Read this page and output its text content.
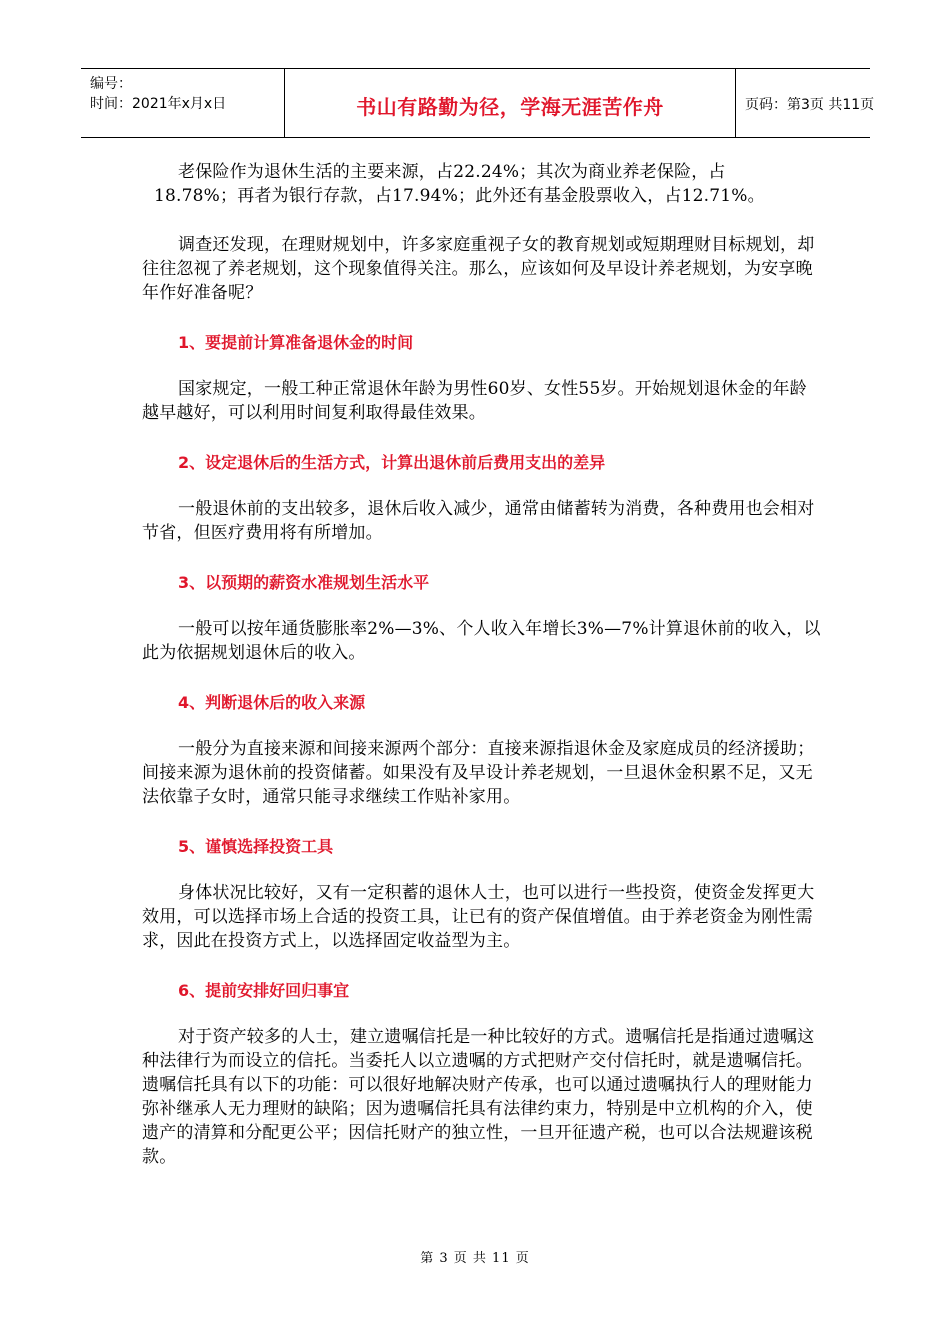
编号：
时间：2021年x月x日	书山有路勤为径，学海无涯苦作舟	页码：第3页 共11页
老保险作为退休生活的主要来源，占22.24%；其次为商业养老保险，占
18.78%；再者为银行存款，占17.94%；此外还有基金股票收入，占12.71%。
调查还发现，在理财规划中，许多家庭重视子女的教育规划或短期理财目标规划，却往往忽视了养老规划，这个现象值得关注。那么，应该如何及早设计养老规划，为安享晚年作好准备呢？
1、要提前计算准备退休金的时间
国家规定，一般工种正常退休年龄为男性60岁、女性55岁。开始规划退休金的年龄越早越好，可以利用时间复利取得最佳效果。
2、设定退休后的生活方式，计算出退休前后费用支出的差异
一般退休前的支出较多，退休后收入减少，通常由储蓄转为消费，各种费用也会相对节省，但医疗费用将有所增加。
3、以预期的薪资水准规划生活水平
一般可以按年通货膨胀率2%—3%、个人收入年增长3%—7%计算退休前的收入，以此为依据规划退休后的收入。
4、判断退休后的收入来源
一般分为直接来源和间接来源两个部分：直接来源指退休金及家庭成员的经济援助；间接来源为退休前的投资储蓄。如果没有及早设计养老规划，一旦退休金积累不足，又无法依靠子女时，通常只能寻求继续工作贴补家用。
5、谨慎选择投资工具
身体状况比较好，又有一定积蓄的退休人士，也可以进行一些投资，使资金发挥更大效用，可以选择市场上合适的投资工具，让已有的资产保值增值。由于养老资金为刚性需求，因此在投资方式上，以选择固定收益型为主。
6、提前安排好回归事宜
对于资产较多的人士，建立遗嘱信托是一种比较好的方式。遗嘱信托是指通过遗嘱这种法律行为而设立的信托。当委托人以立遗嘱的方式把财产交付信托时，就是遗嘱信托。遗嘱信托具有以下的功能：可以很好地解决财产传承，也可以通过遗嘱执行人的理财能力弥补继承人无力理财的缺陷；因为遗嘱信托具有法律约束力，特别是中立机构的介入，使遗产的清算和分配更公平；因信托财产的独立性，一旦开征遗产税，也可以合法规避该税款。
第 3 页 共 11 页
